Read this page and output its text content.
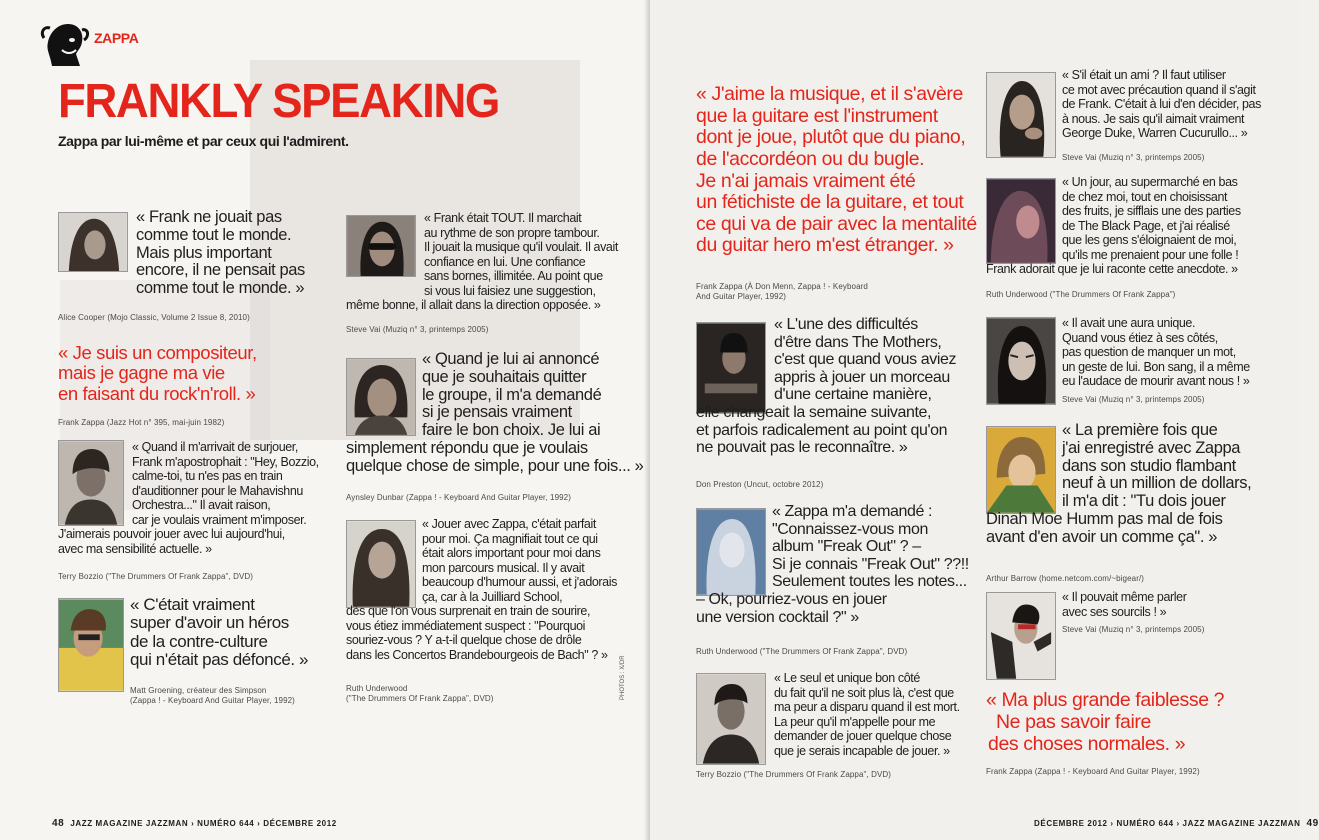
ZAPPA
FRANKLY SPEAKING
Zappa par lui-même et par ceux qui l'admirent.
« Frank ne jouait pas
comme tout le monde.
Mais plus important
encore, il ne pensait pas
comme tout le monde. »
Alice Cooper (Mojo Classic, Volume 2 Issue 8, 2010)
« Je suis un compositeur,
mais je gagne ma vie
en faisant du rock'n'roll. »
Frank Zappa (Jazz Hot n° 395, mai-juin 1982)
« Quand il m'arrivait de surjouer,
Frank m'apostrophait : "Hey, Bozzio,
calme-toi, tu n'es pas en train
d'auditionner pour le Mahavishnu
Orchestra..." Il avait raison,
car je voulais vraiment m'imposer.
J'aimerais pouvoir jouer avec lui aujourd'hui,
avec ma sensibilité actuelle. »
Terry Bozzio ("The Drummers Of Frank Zappa", DVD)
« C'était vraiment
super d'avoir un héros
de la contre-culture
qui n'était pas défoncé. »
Matt Groening, créateur des Simpson
(Zappa ! - Keyboard And Guitar Player, 1992)
« Frank était TOUT. Il marchait
au rythme de son propre tambour.
Il jouait la musique qu'il voulait. Il avait
confiance en lui. Une confiance
sans bornes, illimitée. Au point que
si vous lui faisiez une suggestion,
même bonne, il allait dans la direction opposée. »
Steve Vai (Muziq n° 3, printemps 2005)
« Quand je lui ai annoncé
que je souhaitais quitter
le groupe, il m'a demandé
si je pensais vraiment
faire le bon choix. Je lui ai
simplement répondu que je voulais
quelque chose de simple, pour une fois... »
Aynsley Dunbar (Zappa ! - Keyboard And Guitar Player, 1992)
« Jouer avec Zappa, c'était parfait
pour moi. Ça magnifiait tout ce qui
était alors important pour moi dans
mon parcours musical. Il y avait
beaucoup d'humour aussi, et j'adorais
ça, car à la Juilliard School,
dès que l'on vous surprenait en train de sourire,
vous étiez immédiatement suspect : "Pourquoi
souriez-vous ? Y a-t-il quelque chose de drôle
dans les Concertos Brandebourgeois de Bach" ? »
Ruth Underwood
("The Drummers Of Frank Zappa", DVD)	PHOTOS : X/DR
48 JAZZ MAGAZINE JAZZMAN › NUMÉRO 644 › DÉCEMBRE 2012
« J'aime la musique, et il s'avère
que la guitare est l'instrument
dont je joue, plutôt que du piano,
de l'accordéon ou du bugle.
Je n'ai jamais vraiment été
un fétichiste de la guitare, et tout
ce qui va de pair avec la mentalité
du guitar hero m'est étranger. »
Frank Zappa (À Don Menn, Zappa ! - Keyboard
And Guitar Player, 1992)
« L'une des difficultés
d'être dans The Mothers,
c'est que quand vous aviez
appris à jouer un morceau
d'une certaine manière,
elle changeait la semaine suivante,
et parfois radicalement au point qu'on
ne pouvait pas le reconnaître. »
Don Preston (Uncut, octobre 2012)
« Zappa m'a demandé :
"Connaissez-vous mon
album "Freak Out" ? –
Si je connais "Freak Out" ??!!
Seulement toutes les notes...
– Ok, pourriez-vous en jouer
une version cocktail ?" »
Ruth Underwood ("The Drummers Of Frank Zappa", DVD)
« Le seul et unique bon côté
du fait qu'il ne soit plus là, c'est que
ma peur a disparu quand il est mort.
La peur qu'il m'appelle pour me
demander de jouer quelque chose
que je serais incapable de jouer. »
Terry Bozzio ("The Drummers Of Frank Zappa", DVD)
« S'il était un ami ? Il faut utiliser
ce mot avec précaution quand il s'agit
de Frank. C'était à lui d'en décider, pas
à nous. Je sais qu'il aimait vraiment
George Duke, Warren Cucurullo... »
Steve Vai (Muziq n° 3, printemps 2005)
« Un jour, au supermarché en bas
de chez moi, tout en choisissant
des fruits, je sifflais une des parties
de The Black Page, et j'ai réalisé
que les gens s'éloignaient de moi,
qu'ils me prenaient pour une folle !
Frank adorait que je lui raconte cette anecdote. »
Ruth Underwood ("The Drummers Of Frank Zappa")
« Il avait une aura unique.
Quand vous étiez à ses côtés,
pas question de manquer un mot,
un geste de lui. Bon sang, il a même
eu l'audace de mourir avant nous ! »
Steve Vai (Muziq n° 3, printemps 2005)
« La première fois que
j'ai enregistré avec Zappa
dans son studio flambant
neuf à un million de dollars,
il m'a dit : "Tu dois jouer
Dinah Moe Humm pas mal de fois
avant d'en avoir un comme ça". »
Arthur Barrow (home.netcom.com/~bigear/)
« Il pouvait même parler
avec ses sourcils ! »
Steve Vai (Muziq n° 3, printemps 2005)
« Ma plus grande faiblesse ?
Ne pas savoir faire
des choses normales. »
Frank Zappa (Zappa ! - Keyboard And Guitar Player, 1992)
DÉCEMBRE 2012 › NUMÉRO 644 › JAZZ MAGAZINE JAZZMAN 49
